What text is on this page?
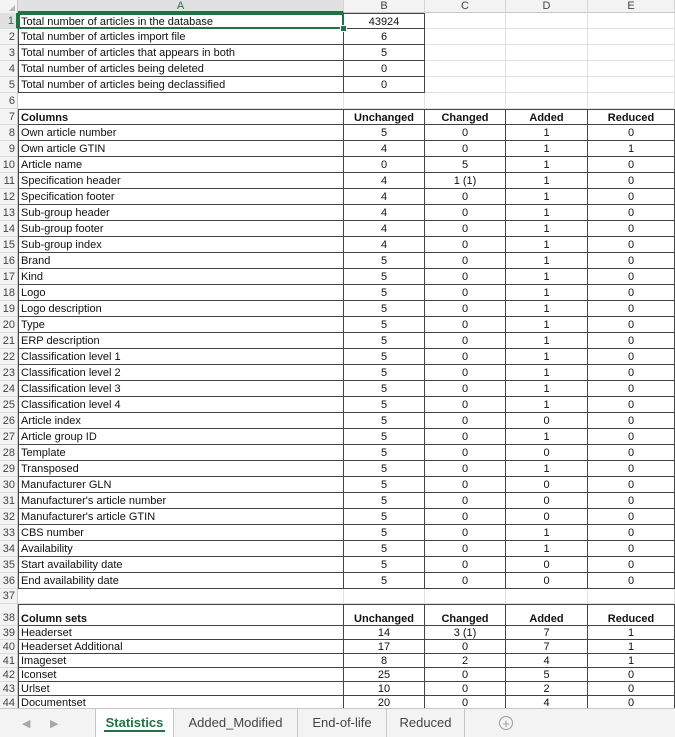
A	B	C	D	E
1 Total number of articles in the database	43924
2 Total number of articles import file	6
3 Total number of articles that appears in both	5
4 Total number of articles being deleted	0
5 Total number of articles being declassified	0
6
7 Columns	Unchanged	Changed	Added	Reduced
8 Own article number	5	0	1	0
9 Own article GTIN	4	0	1	1
10 Article name	0	5	1	0
11 Specification header	4	1 (1)	1	0
12 Specification footer	4	0	1	0
13 Sub-group header	4	0	1	0
14 Sub-group footer	4	0	1	0
15 Sub-group index	4	0	1	0
16 Brand	5	0	1	0
17 Kind	5	0	1	0
18 Logo	5	0	1	0
19 Logo description	5	0	1	0
20 Type	5	0	1	0
21 ERP description	5	0	1	0
22 Classification level 1	5	0	1	0
23 Classification level 2	5	0	1	0
24 Classification level 3	5	0	1	0
25 Classification level 4	5	0	1	0
26 Article index	5	0	0	0
27 Article group ID	5	0	1	0
28 Template	5	0	0	0
29 Transposed	5	0	1	0
30 Manufacturer GLN	5	0	0	0
31 Manufacturer's article number	5	0	0	0
32 Manufacturer's article GTIN	5	0	0	0
33 CBS number	5	0	1	0
34 Availability	5	0	1	0
35 Start availability date	5	0	0	0
36 End availability date	5	0	0	0
37
38 Column sets	Unchanged	Changed	Added	Reduced
39 Headerset	14	3 (1)	7	1
40 Headerset Additional	17	0	7	1
41 Imageset	8	2	4	1
42 Iconset	25	0	5	0
43 Urlset	10	0	2	0
44 Documentset	20	0	4	0
◀ ▶	Statistics	Added_Modified	End-of-life	Reduced	+
